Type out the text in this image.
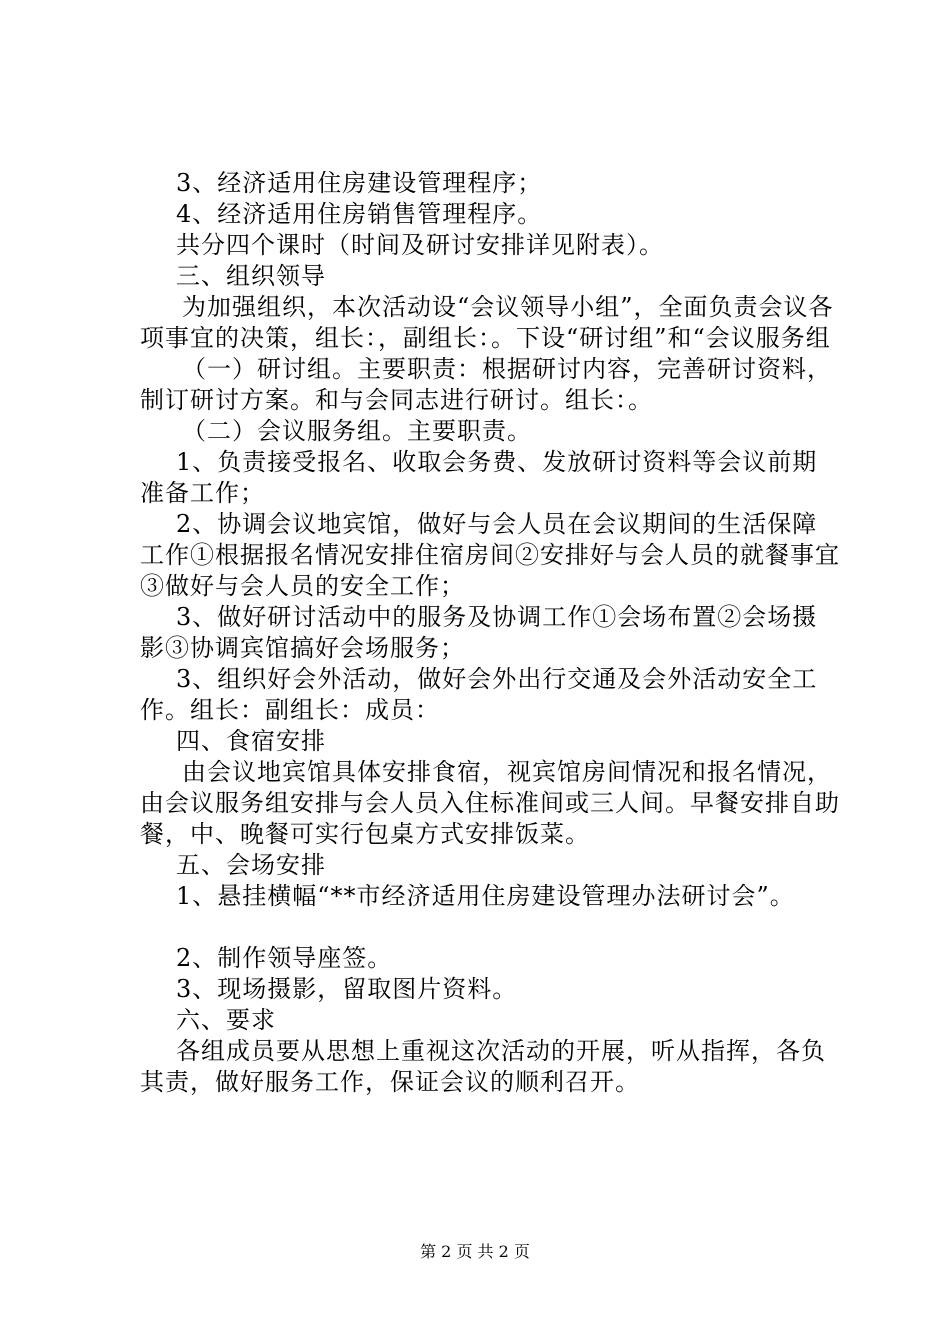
3、经济适用住房建设管理程序；

4、经济适用住房销售管理程序。

共分四个课时（时间及研讨安排详见附表）。

三、组织领导

为加强组织，本次活动设“会议领导小组”，全面负责会议各项事宜的决策，组长：，副组长：。下设“研讨组”和“会议服务组

（一）研讨组。主要职责：根据研讨内容，完善研讨资料，制订研讨方案。和与会同志进行研讨。组长：。

（二）会议服务组。主要职责。

1、负责接受报名、收取会务费、发放研讨资料等会议前期准备工作；

2、协调会议地宾馆，做好与会人员在会议期间的生活保障工作①根据报名情况安排住宿房间②安排好与会人员的就餐事宜③做好与会人员的安全工作；

3、做好研讨活动中的服务及协调工作①会场布置②会场摄影③协调宾馆搞好会场服务；

3、组织好会外活动，做好会外出行交通及会外活动安全工作。组长：副组长：成员：

四、食宿安排

由会议地宾馆具体安排食宿，视宾馆房间情况和报名情况，由会议服务组安排与会人员入住标准间或三人间。早餐安排自助餐，中、晚餐可实行包桌方式安排饭菜。

五、会场安排

1、悬挂横幅“**市经济适用住房建设管理办法研讨会”。

2、制作领导座签。

3、现场摄影，留取图片资料。

六、要求

各组成员要从思想上重视这次活动的开展，听从指挥，各负其责，做好服务工作，保证会议的顺利召开。

第 2 页 共 2 页
